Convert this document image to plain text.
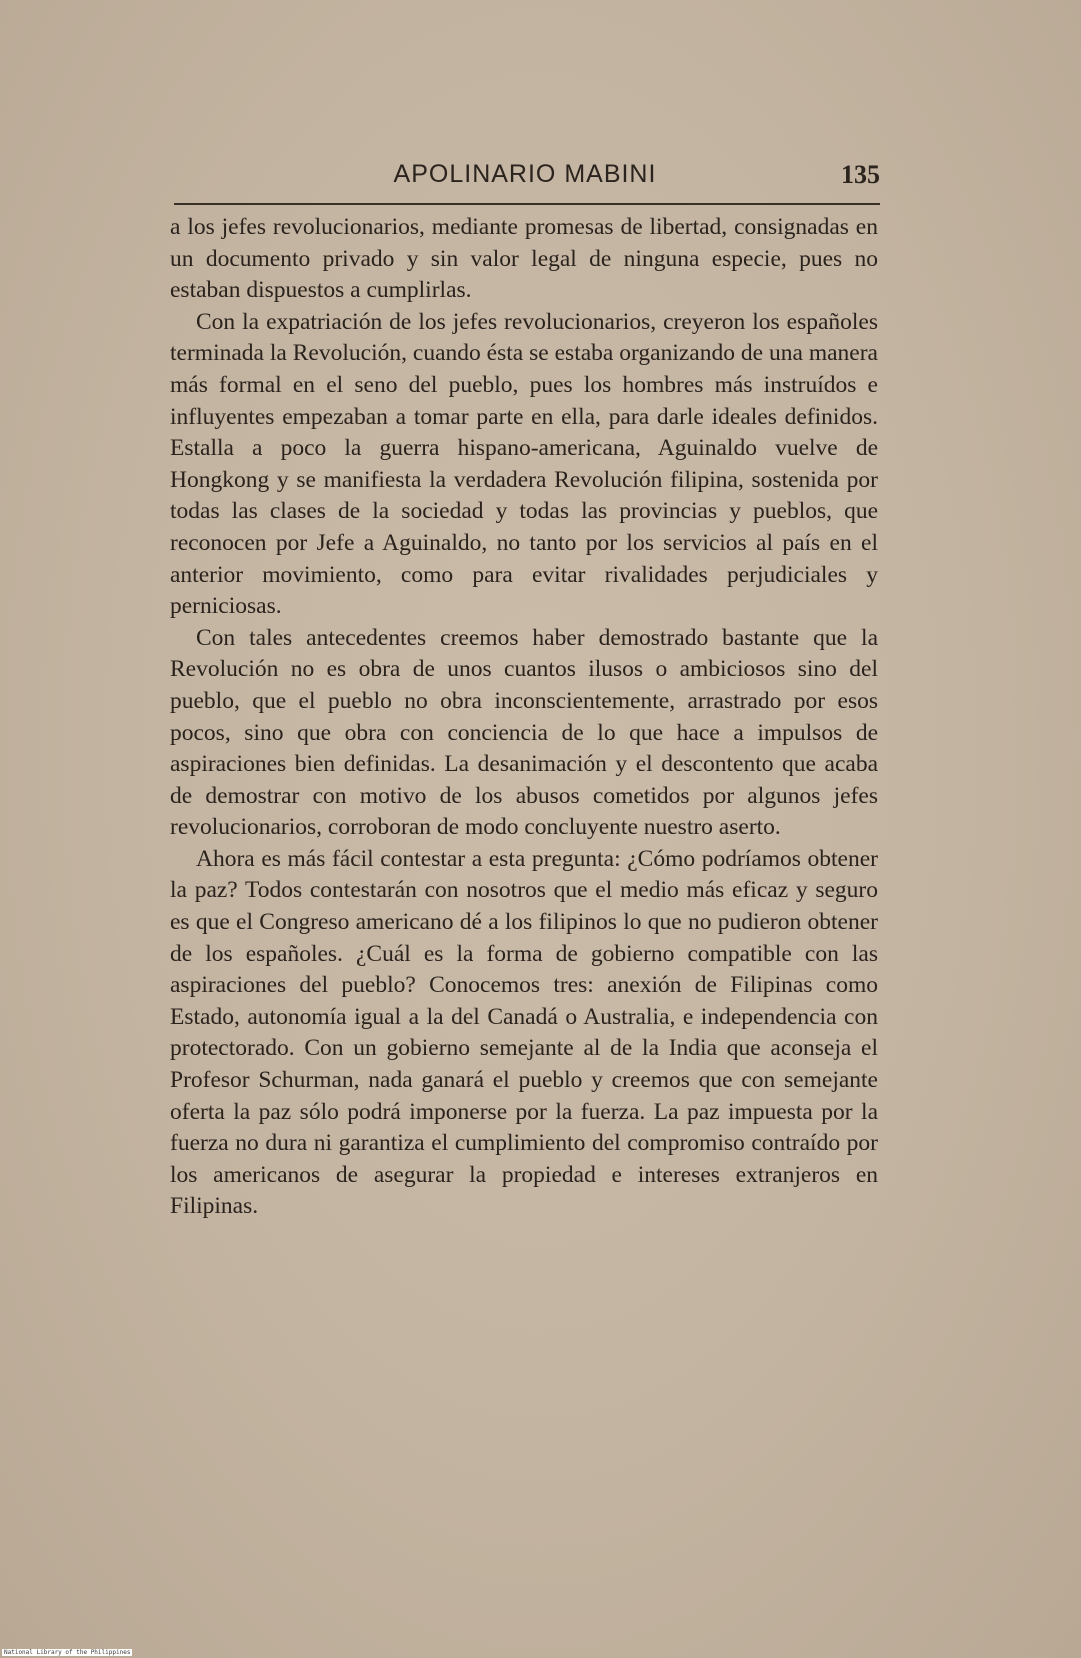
APOLINARIO MABINI	135

a los jefes revolucionarios, mediante promesas de libertad, consignadas en un documento privado y sin valor legal de ninguna especie, pues no estaban dispuestos a cumplirlas.

Con la expatriación de los jefes revolucionarios, creyeron los españoles terminada la Revolución, cuando ésta se estaba organizando de una manera más formal en el seno del pueblo, pues los hombres más instruídos e influyentes empezaban a tomar parte en ella, para darle ideales definidos. Estalla a poco la guerra hispano-americana, Aguinaldo vuelve de Hongkong y se manifiesta la verdadera Revolución filipina, sostenida por todas las clases de la sociedad y todas las provincias y pueblos, que reconocen por Jefe a Aguinaldo, no tanto por los servicios al país en el anterior movimiento, como para evitar rivalidades perjudiciales y perniciosas.

Con tales antecedentes creemos haber demostrado bastante que la Revolución no es obra de unos cuantos ilusos o ambiciosos sino del pueblo, que el pueblo no obra inconscientemente, arrastrado por esos pocos, sino que obra con conciencia de lo que hace a impulsos de aspiraciones bien definidas. La desanimación y el descontento que acaba de demostrar con motivo de los abusos cometidos por algunos jefes revolucionarios, corroboran de modo concluyente nuestro aserto.

Ahora es más fácil contestar a esta pregunta: ¿Cómo podríamos obtener la paz? Todos contestarán con nosotros que el medio más eficaz y seguro es que el Congreso americano dé a los filipinos lo que no pudieron obtener de los españoles. ¿Cuál es la forma de gobierno compatible con las aspiraciones del pueblo? Conocemos tres: anexión de Filipinas como Estado, autonomía igual a la del Canadá o Australia, e independencia con protectorado. Con un gobierno semejante al de la India que aconseja el Profesor Schurman, nada ganará el pueblo y creemos que con semejante oferta la paz sólo podrá imponerse por la fuerza. La paz impuesta por la fuerza no dura ni garantiza el cumplimiento del compromiso contraído por los americanos de asegurar la propiedad e intereses extranjeros en Filipinas.

National Library of the Philippines
